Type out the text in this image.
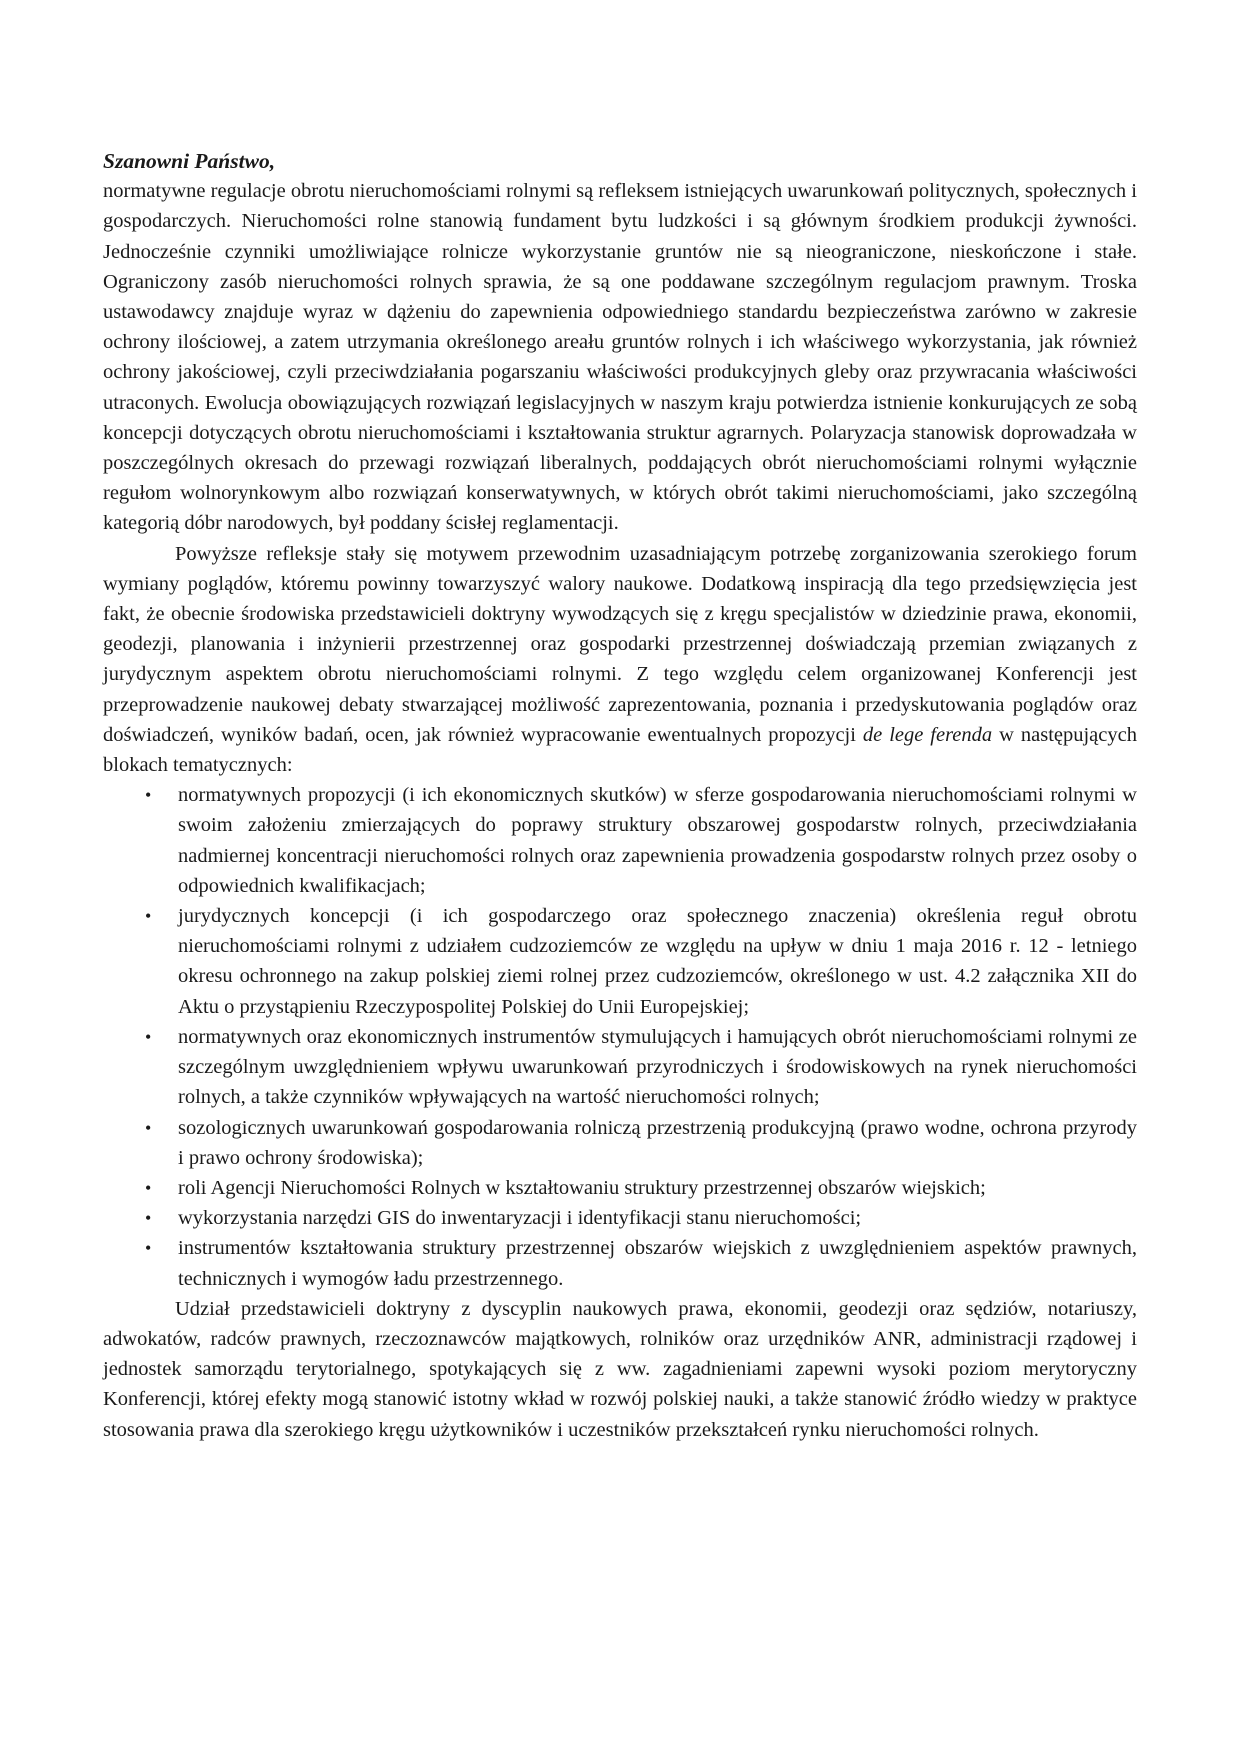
Szanowni Państwo,

normatywne regulacje obrotu nieruchomościami rolnymi są refleksem istniejących uwarunkowań politycznych, społecznych i gospodarczych. Nieruchomości rolne stanowią fundament bytu ludzkości i są głównym środkiem produkcji żywności. Jednocześnie czynniki umożliwiające rolnicze wykorzystanie gruntów nie są nieograniczone, nieskończone i stałe. Ograniczony zasób nieruchomości rolnych sprawia, że są one poddawane szczególnym regulacjom prawnym. Troska ustawodawcy znajduje wyraz w dążeniu do zapewnienia odpowiedniego standardu bezpieczeństwa zarówno w zakresie ochrony ilościowej, a zatem utrzymania określonego areału gruntów rolnych i ich właściwego wykorzystania, jak również ochrony jakościowej, czyli przeciwdziałania pogarszaniu właściwości produkcyjnych gleby oraz przywracania właściwości utraconych. Ewolucja obowiązujących rozwiązań legislacyjnych w naszym kraju potwierdza istnienie konkurujących ze sobą koncepcji dotyczących obrotu nieruchomościami i kształtowania struktur agrarnych. Polaryzacja stanowisk doprowadzała w poszczególnych okresach do przewagi rozwiązań liberalnych, poddających obrót nieruchomościami rolnymi wyłącznie regułom wolnorynkowym albo rozwiązań konserwatywnych, w których obrót takimi nieruchomościami, jako szczególną kategorią dóbr narodowych, był poddany ścisłej reglamentacji.

Powyższe refleksje stały się motywem przewodnim uzasadniającym potrzebę zorganizowania szerokiego forum wymiany poglądów, któremu powinny towarzyszyć walory naukowe. Dodatkową inspiracją dla tego przedsięwzięcia jest fakt, że obecnie środowiska przedstawicieli doktryny wywodzących się z kręgu specjalistów w dziedzinie prawa, ekonomii, geodezji, planowania i inżynierii przestrzennej oraz gospodarki przestrzennej doświadczają przemian związanych z jurydycznym aspektem obrotu nieruchomościami rolnymi. Z tego względu celem organizowanej Konferencji jest przeprowadzenie naukowej debaty stwarzającej możliwość zaprezentowania, poznania i przedyskutowania poglądów oraz doświadczeń, wyników badań, ocen, jak również wypracowanie ewentualnych propozycji de lege ferenda w następujących blokach tematycznych:

• normatywnych propozycji (i ich ekonomicznych skutków) w sferze gospodarowania nieruchomościami rolnymi w swoim założeniu zmierzających do poprawy struktury obszarowej gospodarstw rolnych, przeciwdziałania nadmiernej koncentracji nieruchomości rolnych oraz zapewnienia prowadzenia gospodarstw rolnych przez osoby o odpowiednich kwalifikacjach;
• jurydycznych koncepcji (i ich gospodarczego oraz społecznego znaczenia) określenia reguł obrotu nieruchomościami rolnymi z udziałem cudzoziemców ze względu na upływ w dniu 1 maja 2016 r. 12 - letniego okresu ochronnego na zakup polskiej ziemi rolnej przez cudzoziemców, określonego w ust. 4.2 załącznika XII do Aktu o przystąpieniu Rzeczypospolitej Polskiej do Unii Europejskiej;
• normatywnych oraz ekonomicznych instrumentów stymulujących i hamujących obrót nieruchomościami rolnymi ze szczególnym uwzględnieniem wpływu uwarunkowań przyrodniczych i środowiskowych na rynek nieruchomości rolnych, a także czynników wpływających na wartość nieruchomości rolnych;
• sozologicznych uwarunkowań gospodarowania rolniczą przestrzenią produkcyjną (prawo wodne, ochrona przyrody i prawo ochrony środowiska);
• roli Agencji Nieruchomości Rolnych w kształtowaniu struktury przestrzennej obszarów wiejskich;
• wykorzystania narzędzi GIS do inwentaryzacji i identyfikacji stanu nieruchomości;
• instrumentów kształtowania struktury przestrzennej obszarów wiejskich z uwzględnieniem aspektów prawnych, technicznych i wymogów ładu przestrzennego.

Udział przedstawicieli doktryny z dyscyplin naukowych prawa, ekonomii, geodezji oraz sędziów, notariuszy, adwokatów, radców prawnych, rzeczoznawców majątkowych, rolników oraz urzędników ANR, administracji rządowej i jednostek samorządu terytorialnego, spotykających się z ww. zagadnieniami zapewni wysoki poziom merytoryczny Konferencji, której efekty mogą stanowić istotny wkład w rozwój polskiej nauki, a także stanowić źródło wiedzy w praktyce stosowania prawa dla szerokiego kręgu użytkowników i uczestników przekształceń rynku nieruchomości rolnych.
